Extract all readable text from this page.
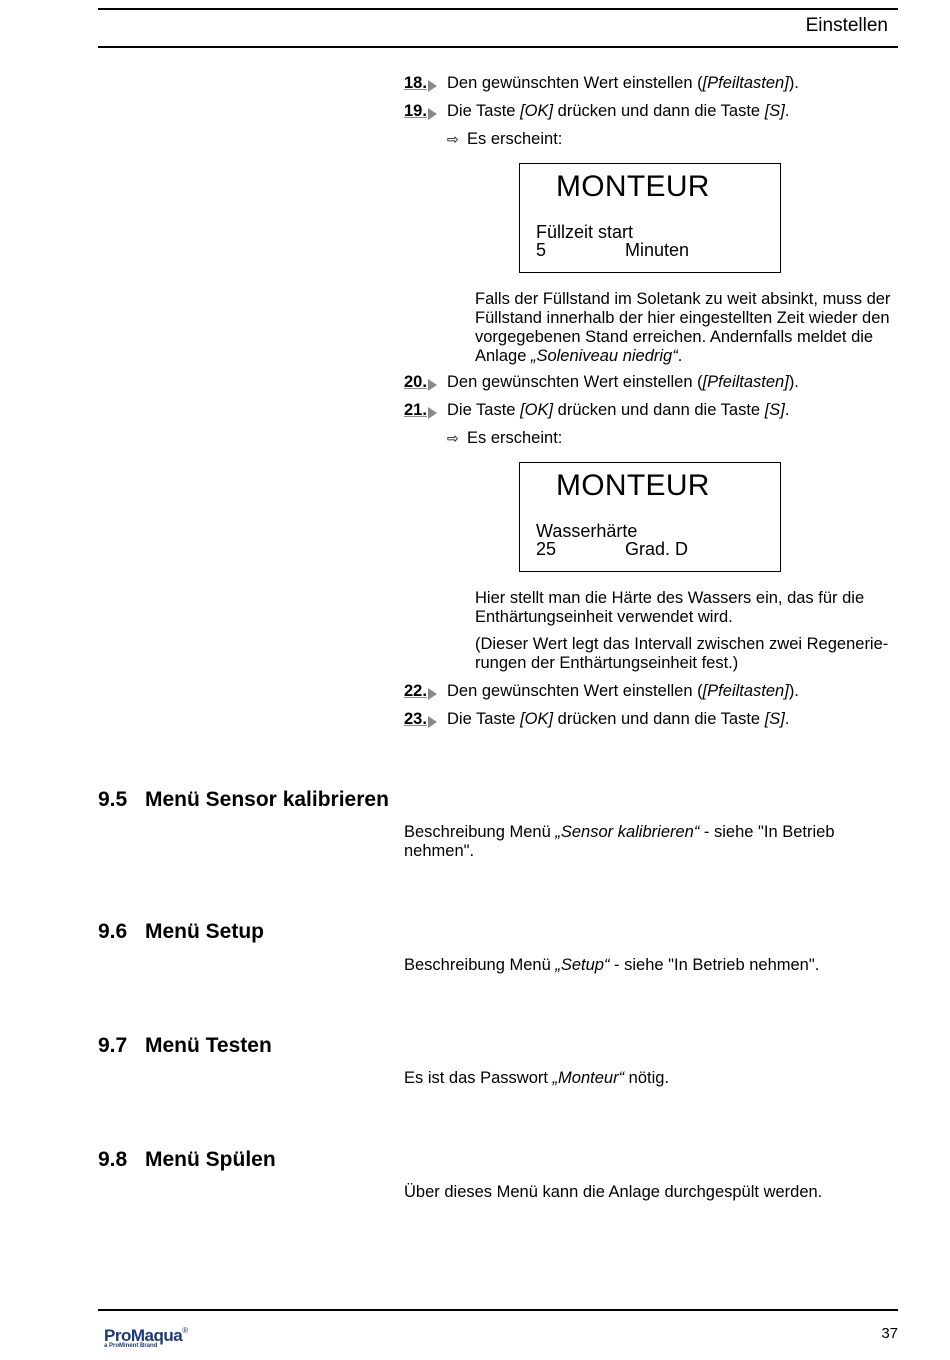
Einstellen
18. Den gewünschten Wert einstellen ([Pfeiltasten]).
19. Die Taste [OK] drücken und dann die Taste [S].
⇨ Es erscheint:
MONTEUR
Füllzeit start
5	Minuten
Falls der Füllstand im Soletank zu weit absinkt, muss der
Füllstand innerhalb der hier eingestellten Zeit wieder den
vorgegebenen Stand erreichen. Andernfalls meldet die
Anlage „Soleniveau niedrig“.
20. Den gewünschten Wert einstellen ([Pfeiltasten]).
21. Die Taste [OK] drücken und dann die Taste [S].
⇨ Es erscheint:
MONTEUR
Wasserhärte
25	Grad. D
Hier stellt man die Härte des Wassers ein, das für die
Enthärtungseinheit verwendet wird.
(Dieser Wert legt das Intervall zwischen zwei Regenerie-
rungen der Enthärtungseinheit fest.)
22. Den gewünschten Wert einstellen ([Pfeiltasten]).
23. Die Taste [OK] drücken und dann die Taste [S].
9.5 Menü Sensor kalibrieren
Beschreibung Menü „Sensor kalibrieren“ - siehe "In Betrieb
nehmen".
9.6 Menü Setup
Beschreibung Menü „Setup“ - siehe "In Betrieb nehmen".
9.7 Menü Testen
Es ist das Passwort „Monteur“ nötig.
9.8 Menü Spülen
Über dieses Menü kann die Anlage durchgespült werden.
ProMaqua®
a ProMinent Brand
37
